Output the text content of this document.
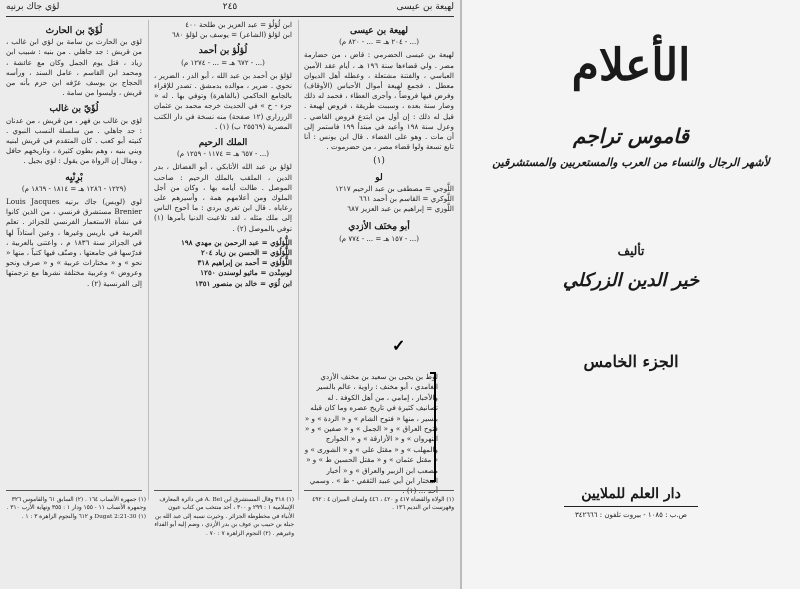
لهيعة بن عيسى
٢٤٥
لؤي جاك برنيه
لهيعة بن عيسى
(... - ٢٠٤ هـ = ... - ٨٢٠ م)

لهيعة بن عيسى الحضرمي : قاض ، من حضارمة مصر . ولي قضاءها سنة ١٩٦ هـ ، أيام عقد الأمين العباسي ، والفتنة مشتعلة ، وعطله أهل الديوان معطل ، فجمع لهيعة أموال الأحباس (الأوقاف) وفرض فيها فروضاً ، وأجرى العطاء ، فحمد له ذلك وصار سنة بعده ، وسببت طريقة ، فروض لهيعة . قيل له ذلك : إن أول من ابتدع فروض القاضي . وعزل سنة ١٩٨ وأعيد في مبتدأ ١٩٩ فاستمر إلى أن مات . وهو على القضاء . قال ابن يونس : أنا تابع تسعة ولوا قضاء مصر ، من حضرموت .

(١)
لو

اللَّوجي = مصطفى بن عبد الرحيم ١٢١٧

اللَّوكري = القاسم بن أحمد ٦٦١

اللَّوزي = إبراهيم بن عبد العزيز ٦٨٧

أبو مِخنَف الأزدي
(... - ١٥٧ هـ = ... - ٧٧٤ م)
✓
لوط بن يحيى بن سعيد بن مخنف الأزدي الغامدي ، أبو مخنف : راوية ، عالم بالسير والأخبار ، إمامي ، من أهل الكوفة . له تصانيف كثيرة في تاريخ عصره وما كان قبله بيسير ، منها « فتوح الشام » و « الردة » و « فتوح العراق » و « الجمل » و « صفين » و « النهروان » و « الأزارقة » و « الخوارج والمهلب » و « مقتل علي » و « الشورى » و « مقتل عثمان » و « مقتل الحسين ط » و « مصعب ابن الزبير والعراق » و « أخبار المختار ابن أبي عبيد الثقفي - ط » . وسمي

ابن لُؤلُؤ = عبد العزيز بن طلحة ٤٠٠

ابن لؤلؤ (الشاعر) = يوسف بن لؤلؤ ٦٨٠

لُؤلُؤ بن أحمد
(... - ٦٧٢ هـ = ... - ١٢٧٤ م)

لؤلؤ بن أحمد بن عبد الله ، أبو الدر ، الضرير ، نحوي . ضرير ، موالده بدمشق . تصدر للإقراء بالجامع الحاكمي (بالقاهرة) وتوفي بها . له « جزء - خ » في الحديث خرجه محمد بن عثمان الزرزاري (١٢ صفحة) منه نسخة في دار الكتب المصرية (٢٥٥٦٩ ب) (١) .

الملك الرحيم
(... - ٦٥٧ هـ = ١١٧٤ - ١٢٥٩ م)

لؤلؤ بن عبد الله الأتابكي ، أبو الفضائل ، بدر الدين ، الملقب بالملك الرحيم : صاحب الموصل . طالت أيامه بها ، وكان من أجل الملوك ومن أعلامهم همة ، وأسيرهم على رعاياه . قال ابن تغري بردي : ما أحوج الناس إلى ملك مثله ، لقد تلاعبت الدنيا بأمرها (١) توفي بالموصل (٢) .

اللُّؤلُؤي = عبد الرحمن بن مهدي ١٩٨

اللُّؤلُؤي = الحسن بن زياد ٢٠٤

اللُّؤلُؤي = أحمد بن إبراهيم ٣١٨

لوسِنْدن = ماثيو لوسندن ١٢٥٠

ابن لُوَي = خالد بن منصور ١٣٥١

لُؤَيّ بن الحارث

لؤي بن الحارث بن سامة بن لؤي ابن غالب ، من قريش : جد جاهلي . من بنيه : شبيب ابن زياد ، قتل يوم الجمل وكان مع عائشة ، ومحمد ابن القاسم ، عامل السند ، ورأسه الحجاج بن يوسف عرّفه ابن حزم بأنه من قريش ، وليسوا من سامة .

لُؤَيّ بن غالب

لؤي بن غالب بن فهر ، من قريش ، من عدنان : جد جاهلي . من سلسلة النسب النبوي . كنيته أبو كعب . كان المتقدم في قريش لبنيه وبني بنيه ، وهم بطون كثيرة ، وتاريخهم حافل ، ويقال إن الرواة من يقول : لؤي بجيل .

بْرِنْيِه
(١٢٢٩ - ١٢٨٦ هـ = ١٨١٤ - ١٨٦٩ م)

لوي (لويس) جاك برنيه Louis Jacques Brenier مستشرق فرنسي ، من الذين كانوا في نشأة الاستعمار الفرنسي للجزائر . تعلم العربية في باريس وغيرها ، وعين أستاذاً لها في الجزائر سنة ١٨٣٦ م ، واعتنى بالعربية ، فدرّسها في جامعتها ، وصنّف فيها كتباً ، منها « نحو » و « مختارات عربية » و « صرف ونحو وعروض » وعربية مختلفة نشرها مع ترجمتها إلى الفرنسية (٢) .

(١) جمهرة الأنساب ١٦٤ . (٢) السابق ٦١ والقاموس ٣٢٦ وجمهرة الأنساب ١١ - ١٥٥ ودار ١ : ٣٥٥ ونهاية الأرب ٣١٠ . (١) Dugat 2:21-30 و ٦١٢ والنجوم الزاهرة ٣ : ١ .
(١) ٣١٨ وقال المستشرق ابن A. Bel في دائرة المعارف الإسلامية ١ : ٢٩٩ و ٣٠٠ ، أحد منتخب من كتاب عيون الأنباء في مخطوطة الجزائر . وخيرت نسبه إلى عبد الله بن جبلة بن حبيب بن عوف بن بدر الأزدي ، وضم إليه أبو الفداء وغيرهم . (٢) النجوم الزاهرة ٧ : ٧٠ .
(١) الولاة والقضاة ٤١٧ و ٤٢٠ ، ٤٤٦ ولسان الميزان ٤ : ٤٩٢ وفهرست ابن النديم ١٣٦ .
الأعلام
قاموس تراجم
لأشهر الرجال والنساء من العرب والمستعربين والمستشرقين
تأليف
خير الدين الزركلي
الجزء الخامس
دار العلم للملايين
ص.ب : ١٠٨٥ - بيروت تلفون : ٣٤٢٦٦٦
